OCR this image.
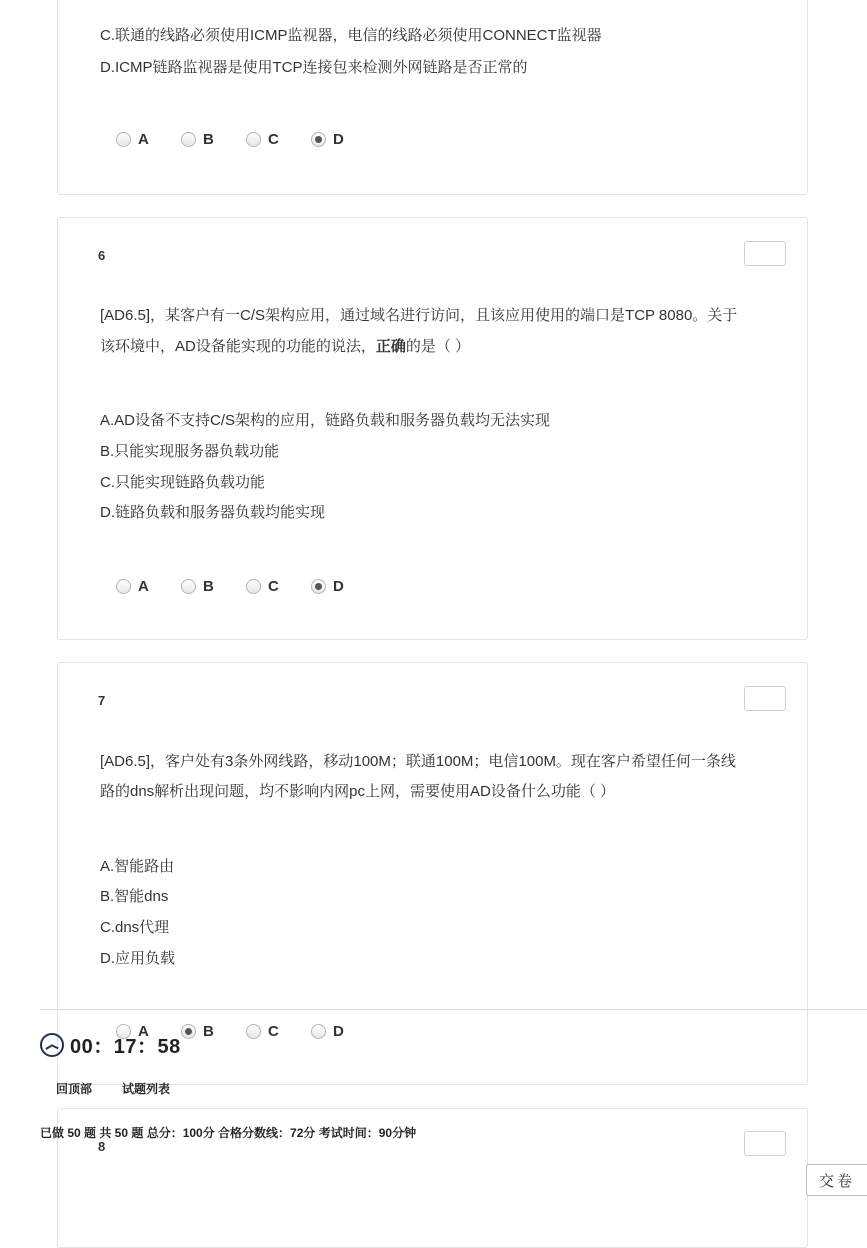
C.联通的线路必须使用ICMP监视器，电信的线路必须使用CONNECT监视器
D.ICMP链路监视器是使用TCP连接包来检测外网链路是否正常的
A	B	C	D
6
[AD6.5]，某客户有一C/S架构应用，通过域名进行访问，且该应用使用的端口是TCP 8080。关于
该环境中，AD设备能实现的功能的说法，正确的是（ ）
A.AD设备不支持C/S架构的应用，链路负载和服务器负载均无法实现
B.只能实现服务器负载功能
C.只能实现链路负载功能
D.链路负载和服务器负载均能实现
A	B	C	D
7
[AD6.5]，客户处有3条外网线路，移动100M；联通100M；电信100M。现在客户希望任何一条线
路的dns解析出现问题，均不影响内网pc上网，需要使用AD设备什么功能（ ）
A.智能路由
B.智能dns
C.dns代理
D.应用负载
A	B	C	D
8
00：17：58
回顶部 试题列表
已做 50 题 共 50 题 总分：100分 合格分数线：72分 考试时间：90分钟
交卷
